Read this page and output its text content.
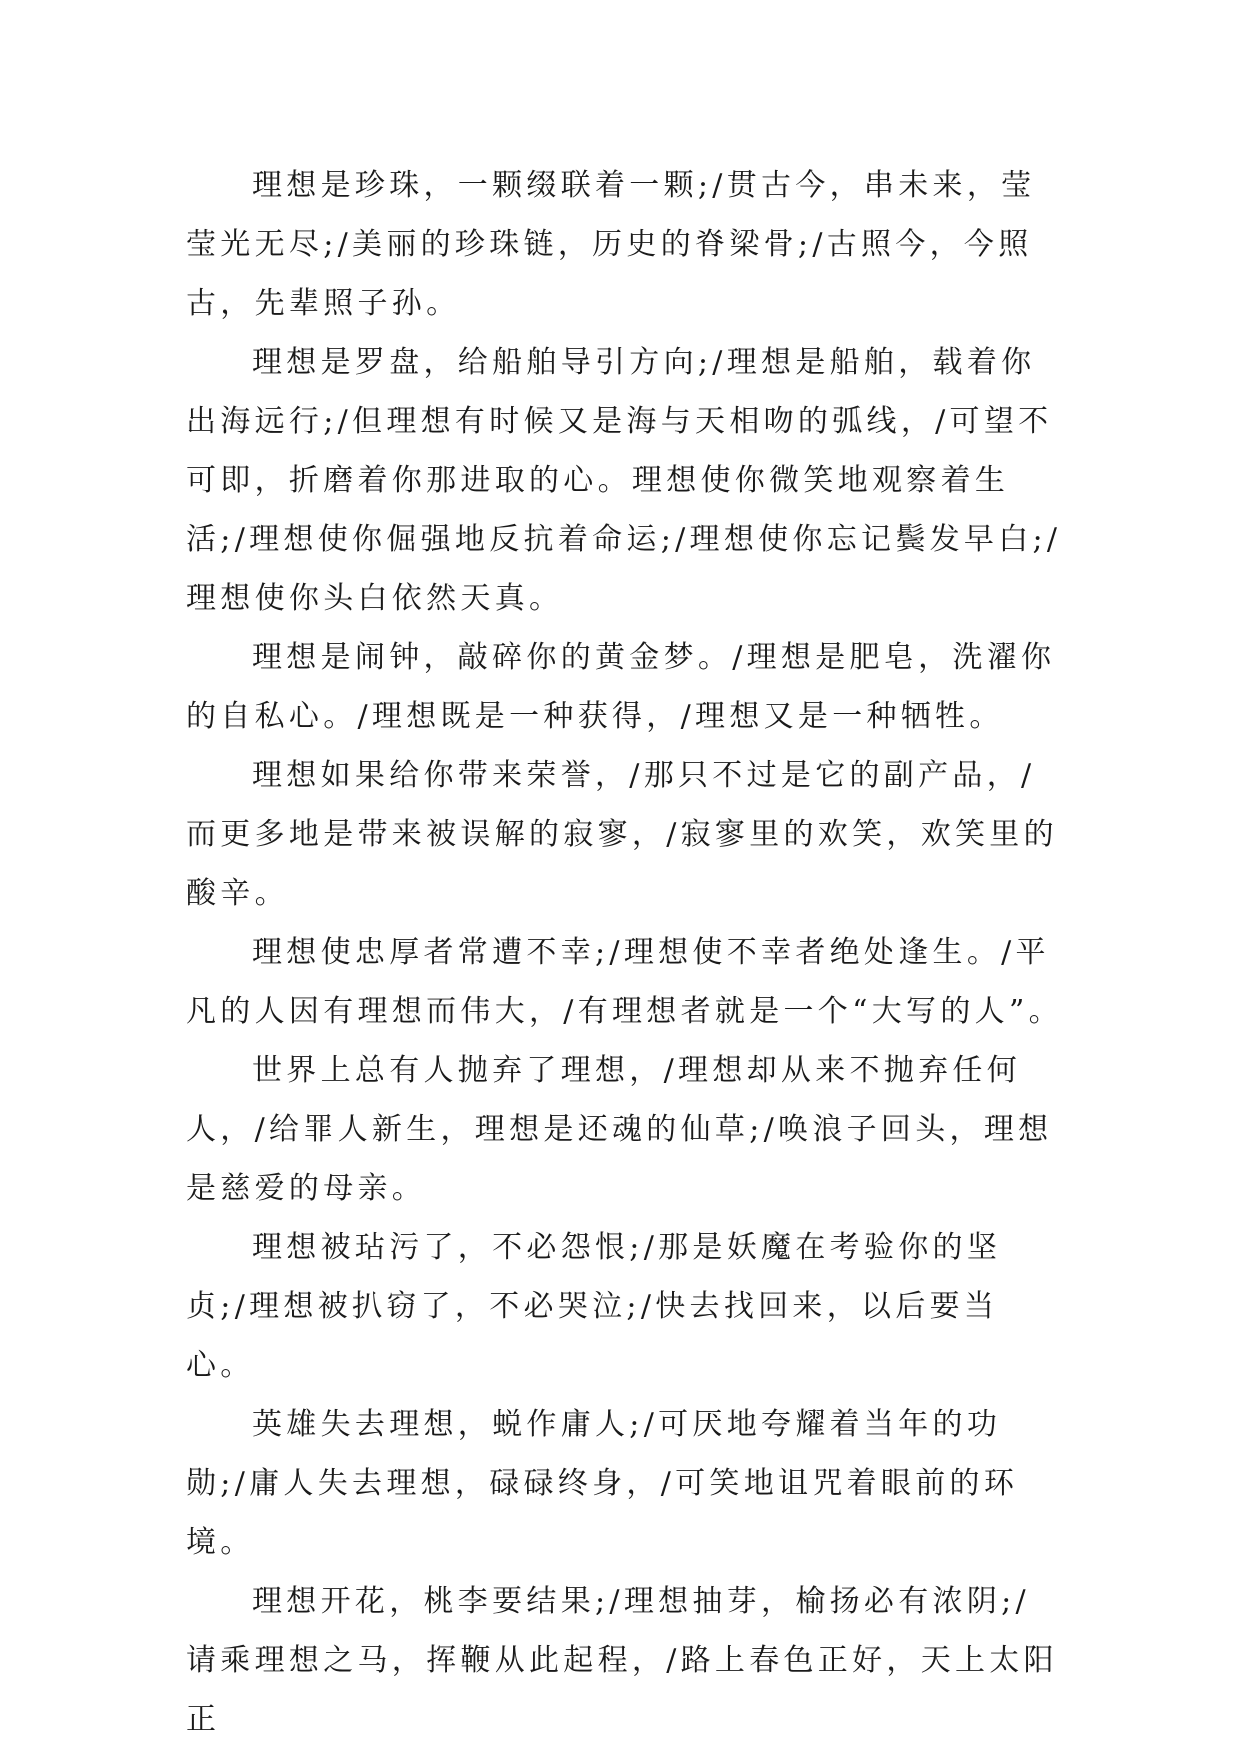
理想是珍珠，一颗缀联着一颗;/贯古今，串未来，莹莹光无尽;/美丽的珍珠链，历史的脊梁骨;/古照今，今照古，先辈照子孙。

理想是罗盘，给船舶导引方向;/理想是船舶，载着你出海远行;/但理想有时候又是海与天相吻的弧线，/可望不可即，折磨着你那进取的心。理想使你微笑地观察着生活;/理想使你倔强地反抗着命运;/理想使你忘记鬓发早白;/理想使你头白依然天真。

理想是闹钟，敲碎你的黄金梦。/理想是肥皂，洗濯你的自私心。/理想既是一种获得，/理想又是一种牺牲。

理想如果给你带来荣誉，/那只不过是它的副产品，/而更多地是带来被误解的寂寥，/寂寥里的欢笑，欢笑里的酸辛。

理想使忠厚者常遭不幸;/理想使不幸者绝处逢生。/平凡的人因有理想而伟大，/有理想者就是一个“大写的人”。

世界上总有人抛弃了理想，/理想却从来不抛弃任何人，/给罪人新生，理想是还魂的仙草;/唤浪子回头，理想是慈爱的母亲。

理想被玷污了，不必怨恨;/那是妖魔在考验你的坚贞;/理想被扒窃了，不必哭泣;/快去找回来，以后要当心。

英雄失去理想，蜕作庸人;/可厌地夸耀着当年的功勋;/庸人失去理想，碌碌终身，/可笑地诅咒着眼前的环境。

理想开花，桃李要结果;/理想抽芽，榆扬必有浓阴;/请乘理想之马，挥鞭从此起程，/路上春色正好，天上太阳正
